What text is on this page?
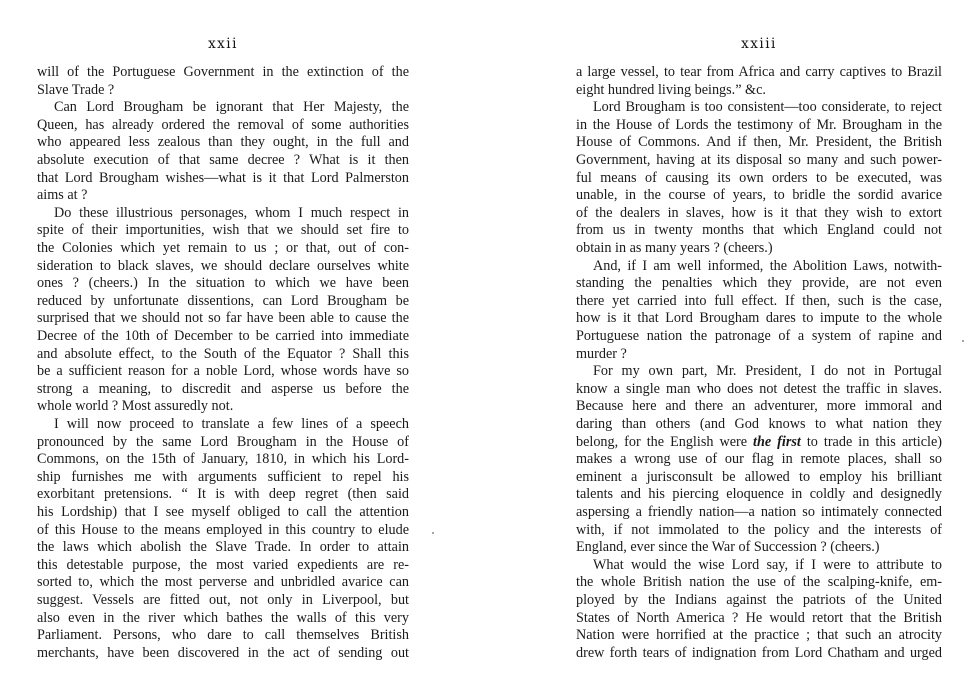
xxii
will of the Portuguese Government in the extinction of the
Slave Trade ?
Can Lord Brougham be ignorant that Her Majesty, the
Queen, has already ordered the removal of some authorities
who appeared less zealous than they ought, in the full and
absolute execution of that same decree ? What is it then
that Lord Brougham wishes—what is it that Lord Palmerston
aims at ?
Do these illustrious personages, whom I much respect in
spite of their importunities, wish that we should set fire to
the Colonies which yet remain to us ; or that, out of con-
sideration to black slaves, we should declare ourselves white
ones ? (cheers.) In the situation to which we have been
reduced by unfortunate dissentions, can Lord Brougham be
surprised that we should not so far have been able to cause the
Decree of the 10th of December to be carried into immediate
and absolute effect, to the South of the Equator ? Shall this
be a sufficient reason for a noble Lord, whose words have so
strong a meaning, to discredit and asperse us before the
whole world ? Most assuredly not.
I will now proceed to translate a few lines of a speech
pronounced by the same Lord Brougham in the House of
Commons, on the 15th of January, 1810, in which his Lord-
ship furnishes me with arguments sufficient to repel his
exorbitant pretensions. “ It is with deep regret (then said
his Lordship) that I see myself obliged to call the attention
of this House to the means employed in this country to elude
the laws which abolish the Slave Trade. In order to attain
this detestable purpose, the most varied expedients are re-
sorted to, which the most perverse and unbridled avarice can
suggest. Vessels are fitted out, not only in Liverpool, but
also even in the river which bathes the walls of this very
Parliament. Persons, who dare to call themselves British
merchants, have been discovered in the act of sending out
xxiii
a large vessel, to tear from Africa and carry captives to Brazil
eight hundred living beings.” &c.
Lord Brougham is too consistent—too considerate, to reject
in the House of Lords the testimony of Mr. Brougham in the
House of Commons. And if then, Mr. President, the British
Government, having at its disposal so many and such power-
ful means of causing its own orders to be executed, was
unable, in the course of years, to bridle the sordid avarice
of the dealers in slaves, how is it that they wish to extort
from us in twenty months that which England could not
obtain in as many years ? (cheers.)
And, if I am well informed, the Abolition Laws, notwith-
standing the penalties which they provide, are not even
there yet carried into full effect. If then, such is the case,
how is it that Lord Brougham dares to impute to the whole
Portuguese nation the patronage of a system of rapine and
murder ?
For my own part, Mr. President, I do not in Portugal
know a single man who does not detest the traffic in slaves.
Because here and there an adventurer, more immoral and
daring than others (and God knows to what nation they
belong, for the English were the first to trade in this article)
makes a wrong use of our flag in remote places, shall so
eminent a jurisconsult be allowed to employ his brilliant
talents and his piercing eloquence in coldly and designedly
aspersing a friendly nation—a nation so intimately connected
with, if not immolated to the policy and the interests of
England, ever since the War of Succession ? (cheers.)
What would the wise Lord say, if I were to attribute to
the whole British nation the use of the scalping-knife, em-
ployed by the Indians against the patriots of the United
States of North America ? He would retort that the British
Nation were horrified at the practice ; that such an atrocity
drew forth tears of indignation from Lord Chatham and urged
